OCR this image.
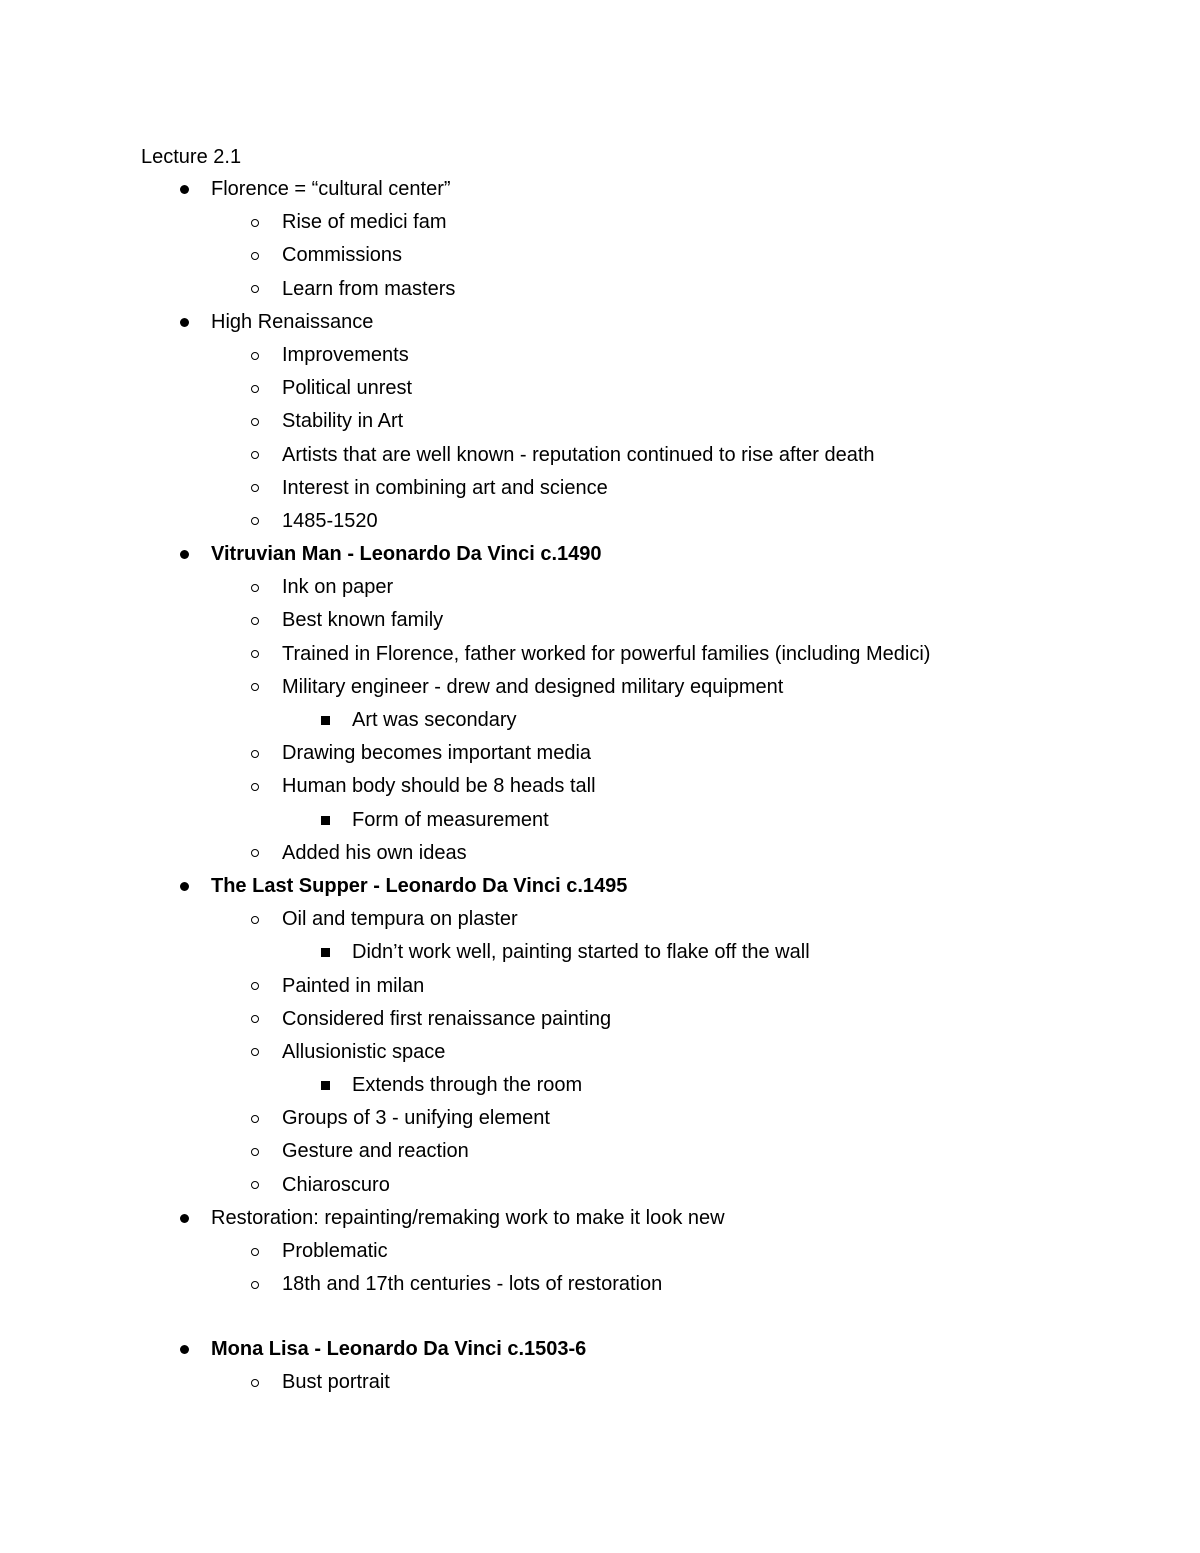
Lecture 2.1
Florence = “cultural center”
Rise of medici fam
Commissions
Learn from masters
High Renaissance
Improvements
Political unrest
Stability in Art
Artists that are well known - reputation continued to rise after death
Interest in combining art and science
1485-1520
Vitruvian Man - Leonardo Da Vinci c.1490
Ink on paper
Best known family
Trained in Florence, father worked for powerful families (including Medici)
Military engineer - drew and designed military equipment
Art was secondary
Drawing becomes important media
Human body should be 8 heads tall
Form of measurement
Added his own ideas
The Last Supper - Leonardo Da Vinci c.1495
Oil and tempura on plaster
Didn’t work well, painting started to flake off the wall
Painted in milan
Considered first renaissance painting
Allusionistic space
Extends through the room
Groups of 3 - unifying element
Gesture and reaction
Chiaroscuro
Restoration: repainting/remaking work to make it look new
Problematic
18th and 17th centuries - lots of restoration
Mona Lisa - Leonardo Da Vinci c.1503-6
Bust portrait
